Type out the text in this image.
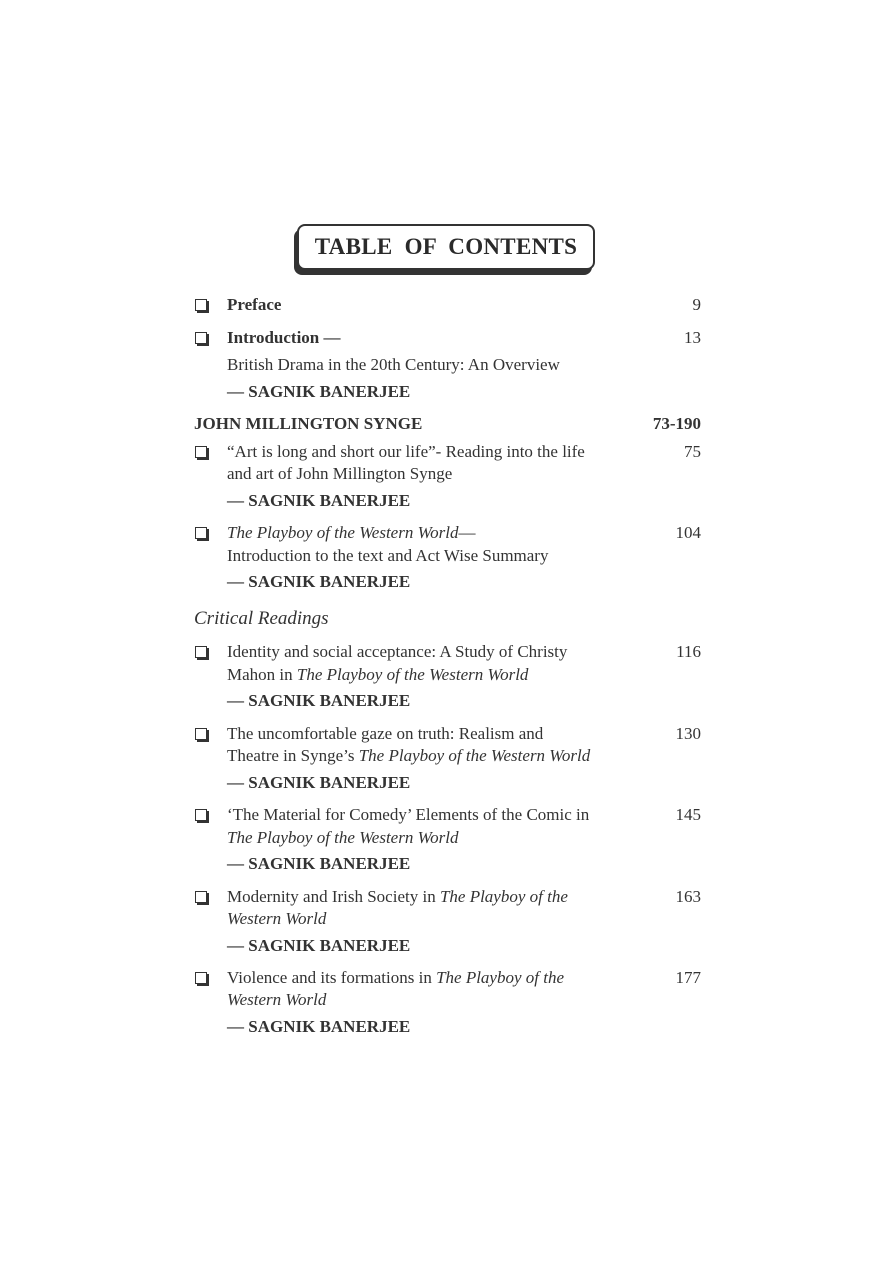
TABLE OF CONTENTS
Preface	9
Introduction —
British Drama in the 20th Century: An Overview
— SAGNIK BANERJEE
13
JOHN MILLINGTON SYNGE	73-190
“Art is long and short our life”- Reading into the life
and art of John Millington Synge
— SAGNIK BANERJEE
75
The Playboy of the Western World—
Introduction to the text and Act Wise Summary
— SAGNIK BANERJEE
104
Critical Readings
Identity and social acceptance: A Study of Christy
Mahon in The Playboy of the Western World
— SAGNIK BANERJEE
116
The uncomfortable gaze on truth: Realism and
Theatre in Synge’s The Playboy of the Western World
— SAGNIK BANERJEE
130
‘The Material for Comedy’ Elements of the Comic in
The Playboy of the Western World
— SAGNIK BANERJEE
145
Modernity and Irish Society in The Playboy of the
Western World
— SAGNIK BANERJEE
163
Violence and its formations in The Playboy of the
Western World
— SAGNIK BANERJEE
177
